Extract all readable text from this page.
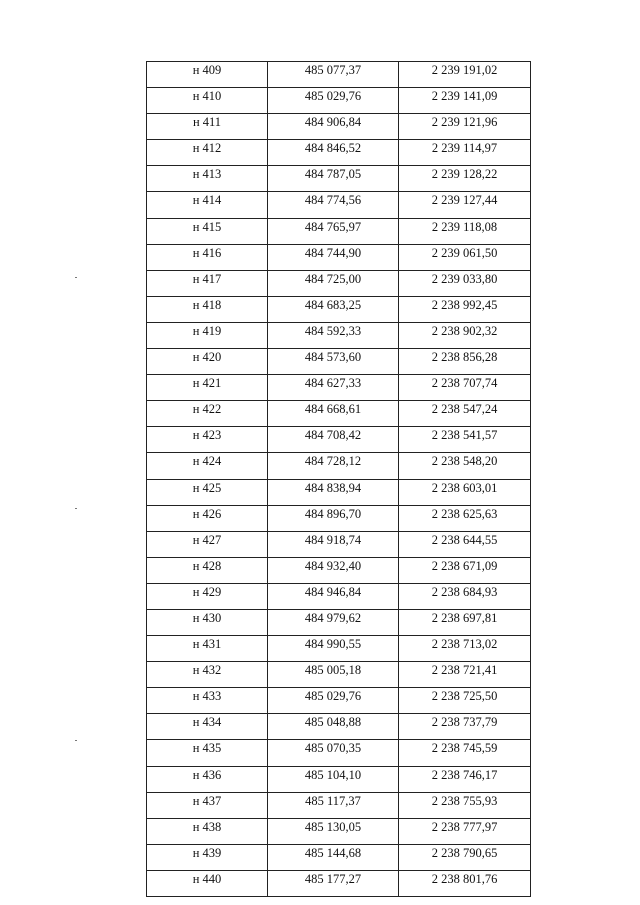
н 409	485 077,37	2 239 191,02
н 410	485 029,76	2 239 141,09
н 411	484 906,84	2 239 121,96
н 412	484 846,52	2 239 114,97
н 413	484 787,05	2 239 128,22
н 414	484 774,56	2 239 127,44
н 415	484 765,97	2 239 118,08
н 416	484 744,90	2 239 061,50
н 417	484 725,00	2 239 033,80
н 418	484 683,25	2 238 992,45
н 419	484 592,33	2 238 902,32
н 420	484 573,60	2 238 856,28
н 421	484 627,33	2 238 707,74
н 422	484 668,61	2 238 547,24
н 423	484 708,42	2 238 541,57
н 424	484 728,12	2 238 548,20
н 425	484 838,94	2 238 603,01
н 426	484 896,70	2 238 625,63
н 427	484 918,74	2 238 644,55
н 428	484 932,40	2 238 671,09
н 429	484 946,84	2 238 684,93
н 430	484 979,62	2 238 697,81
н 431	484 990,55	2 238 713,02
н 432	485 005,18	2 238 721,41
н 433	485 029,76	2 238 725,50
н 434	485 048,88	2 238 737,79
н 435	485 070,35	2 238 745,59
н 436	485 104,10	2 238 746,17
н 437	485 117,37	2 238 755,93
н 438	485 130,05	2 238 777,97
н 439	485 144,68	2 238 790,65
н 440	485 177,27	2 238 801,76
